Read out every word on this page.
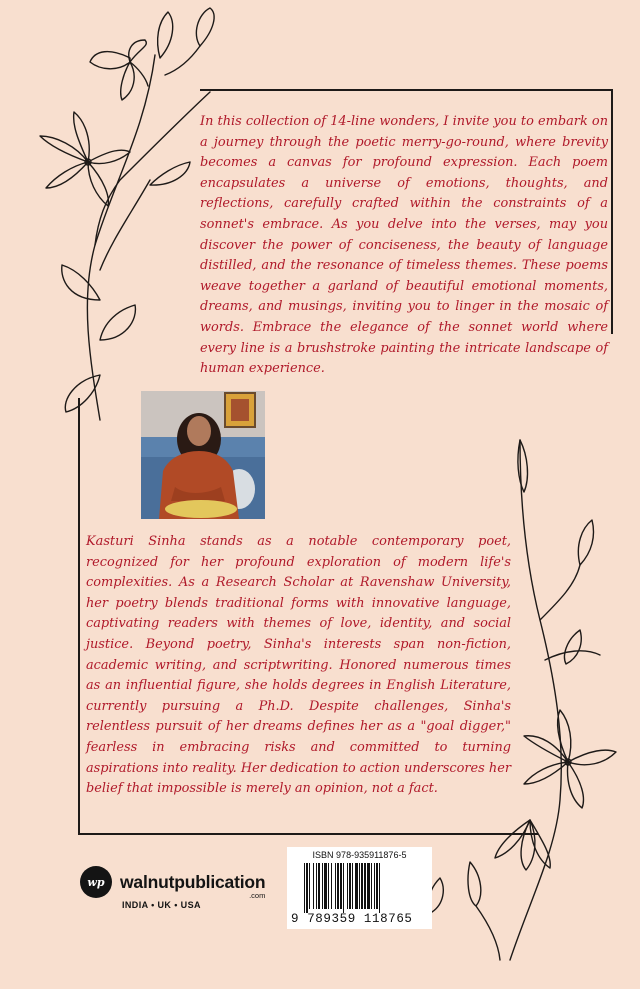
In this collection of 14-line wonders, I invite you to embark on a journey through the poetic merry-go-round, where brevity becomes a canvas for profound expression. Each poem encapsulates a universe of emotions, thoughts, and reflections, carefully crafted within the constraints of a sonnet's embrace. As you delve into the verses, may you discover the power of conciseness, the beauty of language distilled, and the resonance of timeless themes. These poems weave together a garland of beautiful emotional moments, dreams, and musings, inviting you to linger in the mosaic of words. Embrace the elegance of the sonnet world where every line is a brushstroke painting the intricate landscape of human experience.

Kasturi Sinha stands as a notable contemporary poet, recognized for her profound exploration of modern life's complexities. As a Research Scholar at Ravenshaw University, her poetry blends traditional forms with innovative language, captivating readers with themes of love, identity, and social justice. Beyond poetry, Sinha's interests span non-fiction, academic writing, and scriptwriting. Honored numerous times as an influential figure, she holds degrees in English Literature, currently pursuing a Ph.D. Despite challenges, Sinha's relentless pursuit of her dreams defines her as a "goal digger," fearless in embracing risks and committed to turning aspirations into reality. Her dedication to action underscores her belief that impossible is merely an opinion, not a fact.

wp walnutpublication
.com
INDIA • UK • USA
ISBN 978-935911876-5
9 789359 118765
